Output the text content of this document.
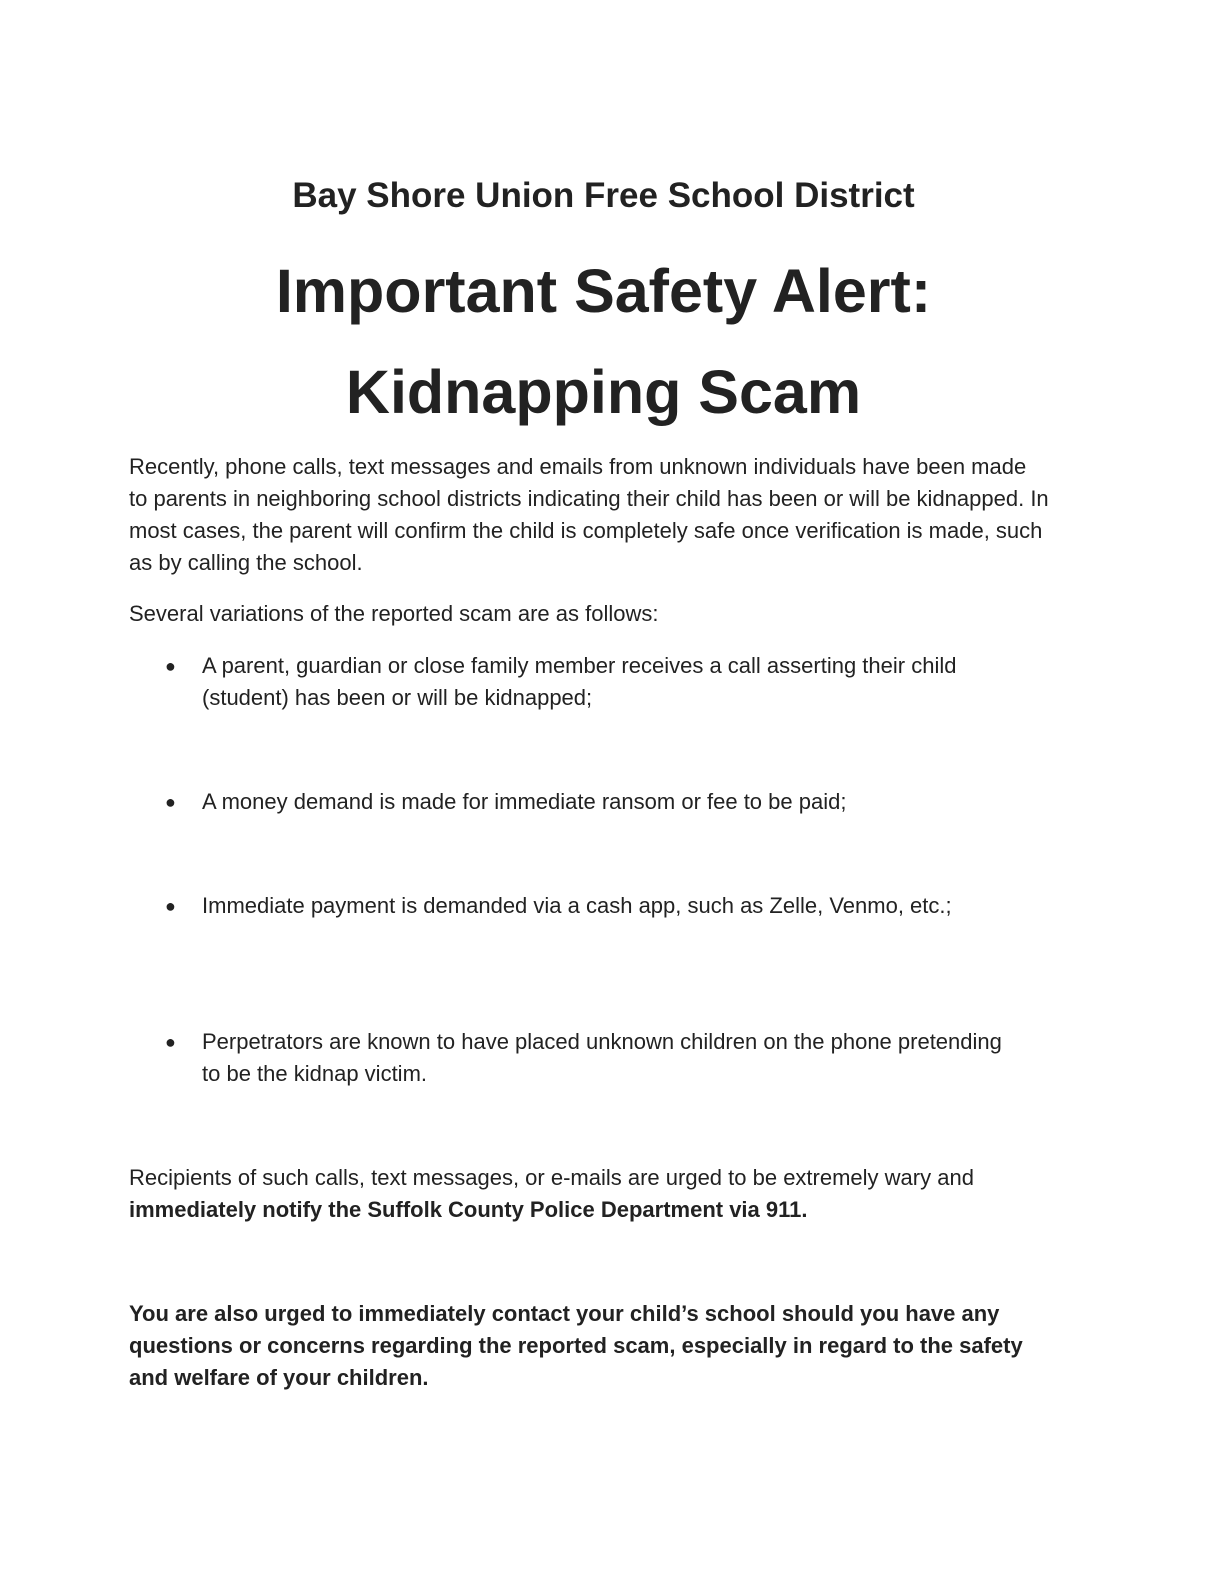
Bay Shore Union Free School District
Important Safety Alert:
Kidnapping Scam

Recently, phone calls, text messages and emails from unknown individuals have been made to parents in neighboring school districts indicating their child has been or will be kidnapped. In most cases, the parent will confirm the child is completely safe once verification is made, such as by calling the school.

Several variations of the reported scam are as follows:

●	A parent, guardian or close family member receives a call asserting their child (student) has been or will be kidnapped;
●	A money demand is made for immediate ransom or fee to be paid;
●	Immediate payment is demanded via a cash app, such as Zelle, Venmo, etc.;
●	Perpetrators are known to have placed unknown children on the phone pretending to be the kidnap victim.

Recipients of such calls, text messages, or e-mails are urged to be extremely wary and immediately notify the Suffolk County Police Department via 911.

You are also urged to immediately contact your child’s school should you have any questions or concerns regarding the reported scam, especially in regard to the safety and welfare of your children.
